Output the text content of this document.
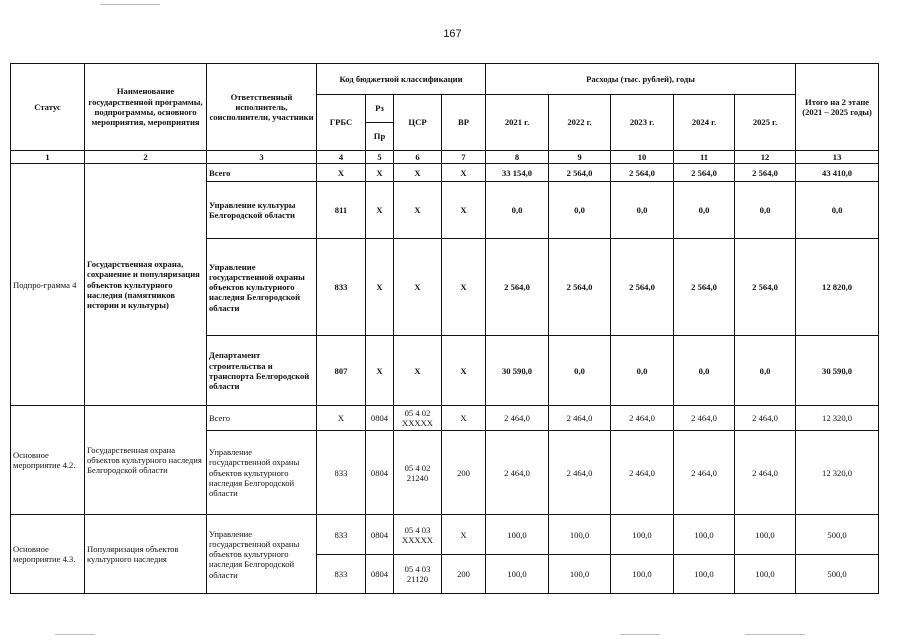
167
Статус	Наименование государственной программы, подпрограммы, основного мероприятия, мероприятия	Ответственный исполнитель, соисполнители, участники	Код бюджетной классификации				Расходы (тыс. рублей), годы					Итого на 2 этапе (2021 – 2025 годы)
			ГРБС	Рз	ЦСР	ВР	2021 г.	2022 г.	2023 г.	2024 г.	2025 г.	
				Пр								
1	2	3	4	5	6	7	8	9	10	11	12	13
Подпро-грамма 4	Государственная охрана, сохранение и популяризация объектов культурного наследия (памятников истории и культуры)	Всего	Х	Х	Х	Х	33 154,0	2 564,0	2 564,0	2 564,0	2 564,0	43 410,0
		Управление культуры Белгородской области	811	Х	Х	Х	0,0	0,0	0,0	0,0	0,0	0,0
		Управление государственной охраны объектов культурного наследия Белгородской области	833	Х	Х	Х	2 564,0	2 564,0	2 564,0	2 564,0	2 564,0	12 820,0
		Департамент строительства и транспорта Белгородской области	807	Х	Х	Х	30 590,0	0,0	0,0	0,0	0,0	30 590,0
Основное мероприятие 4.2.	Государственная охрана объектов культурного наследия Белгородской области	Всего	Х	0804	05 4 02 ХХХХХ	Х	2 464,0	2 464,0	2 464,0	2 464,0	2 464,0	12 320,0
		Управление государственной охраны объектов культурного наследия Белгородской области	833	0804	05 4 02 21240	200	2 464,0	2 464,0	2 464,0	2 464,0	2 464,0	12 320,0
Основное мероприятие 4.3.	Популяризация объектов культурного наследия	Управление государственной охраны объектов культурного наследия Белгородской области	833	0804	05 4 03 ХХХХХ	Х	100,0	100,0	100,0	100,0	100,0	500,0
			833	0804	05 4 03 21120	200	100,0	100,0	100,0	100,0	100,0	500,0
